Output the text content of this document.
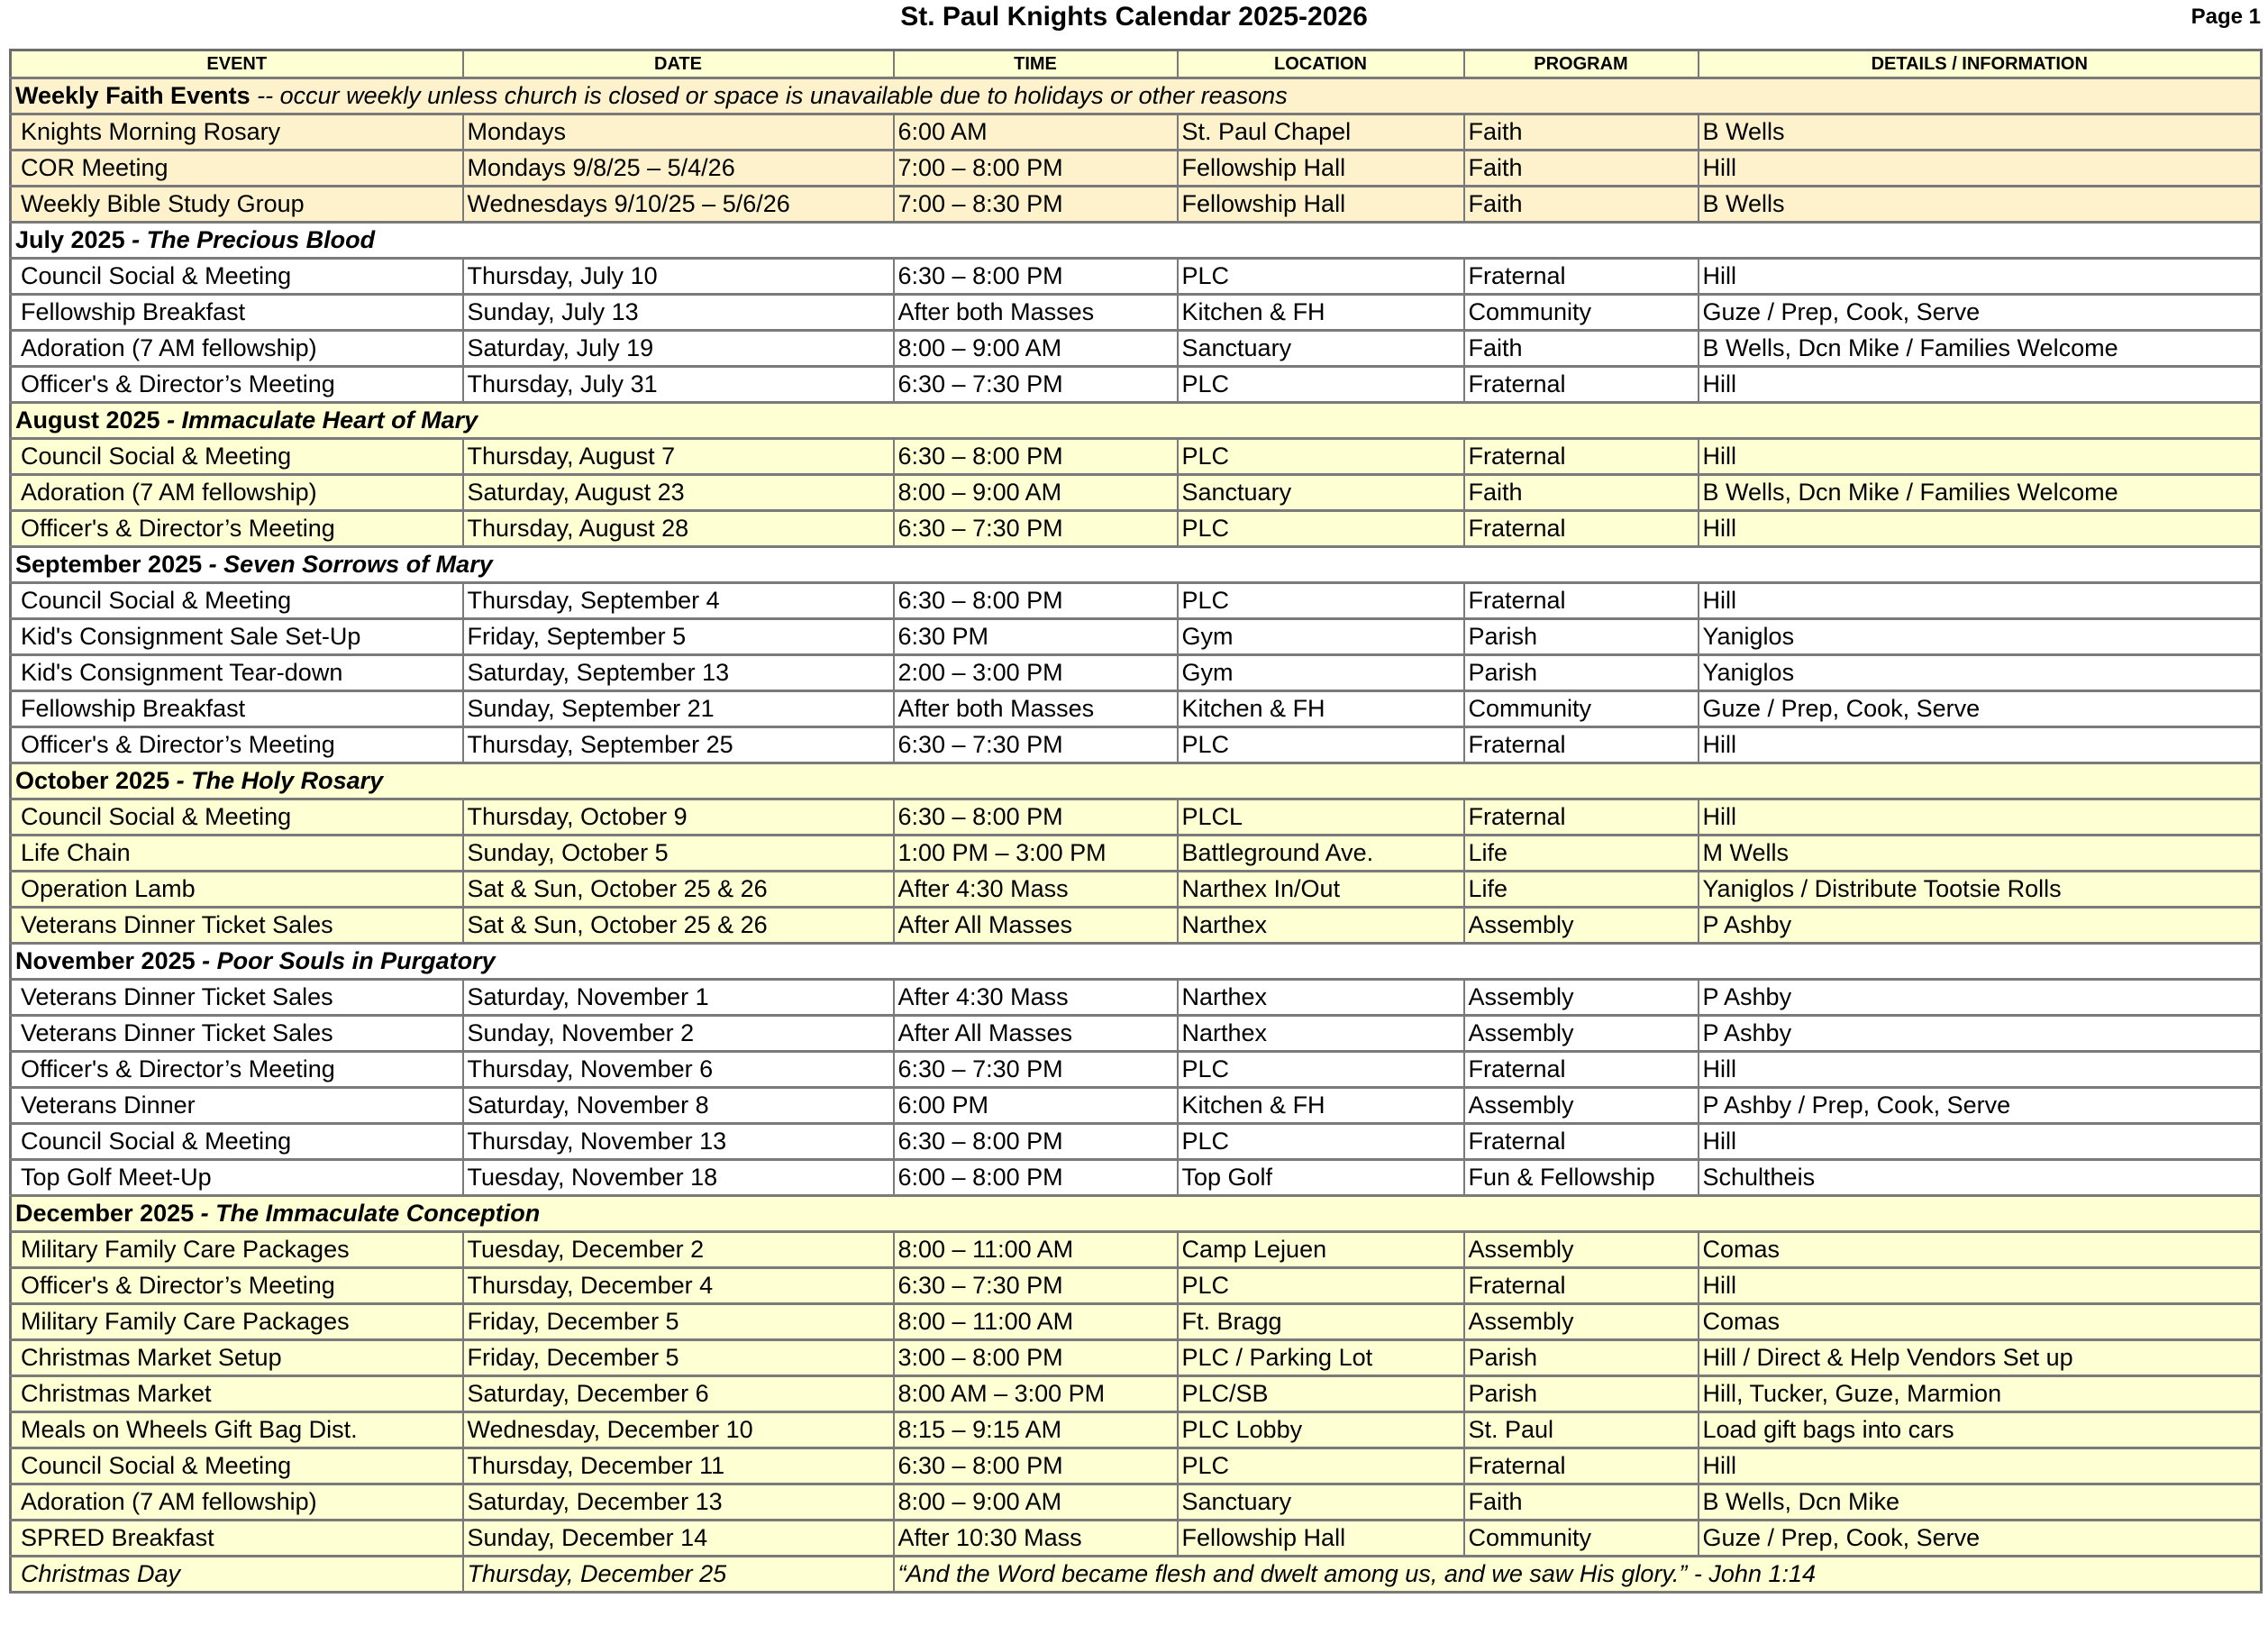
St. Paul Knights Calendar 2025-2026	Page 1
EVENT	DATE	TIME	LOCATION	PROGRAM	DETAILS / INFORMATION
Weekly Faith Events -- occur weekly unless church is closed or space is unavailable due to holidays or other reasons					
Knights Morning Rosary	Mondays	6:00 AM	St. Paul Chapel	Faith	B Wells
COR Meeting	Mondays 9/8/25 – 5/4/26	7:00 – 8:00 PM	Fellowship Hall	Faith	Hill
Weekly Bible Study Group	Wednesdays 9/10/25 – 5/6/26	7:00 – 8:30 PM	Fellowship Hall	Faith	B Wells
July 2025 - The Precious Blood					
Council Social & Meeting	Thursday, July 10	6:30 – 8:00 PM	PLC	Fraternal	Hill
Fellowship Breakfast	Sunday, July 13	After both Masses	Kitchen & FH	Community	Guze / Prep, Cook, Serve
Adoration (7 AM fellowship)	Saturday, July 19	8:00 – 9:00 AM	Sanctuary	Faith	B Wells, Dcn Mike / Families Welcome
Officer's & Director’s Meeting	Thursday, July 31	6:30 – 7:30 PM	PLC	Fraternal	Hill
August 2025 - Immaculate Heart of Mary					
Council Social & Meeting	Thursday, August 7	6:30 – 8:00 PM	PLC	Fraternal	Hill
Adoration (7 AM fellowship)	Saturday, August 23	8:00 – 9:00 AM	Sanctuary	Faith	B Wells, Dcn Mike / Families Welcome
Officer's & Director’s Meeting	Thursday, August 28	6:30 – 7:30 PM	PLC	Fraternal	Hill
September 2025 - Seven Sorrows of Mary					
Council Social & Meeting	Thursday, September 4	6:30 – 8:00 PM	PLC	Fraternal	Hill
Kid's Consignment Sale Set-Up	Friday, September 5	6:30 PM	Gym	Parish	Yaniglos
Kid's Consignment Tear-down	Saturday, September 13	2:00 – 3:00 PM	Gym	Parish	Yaniglos
Fellowship Breakfast	Sunday, September 21	After both Masses	Kitchen & FH	Community	Guze / Prep, Cook, Serve
Officer's & Director’s Meeting	Thursday, September 25	6:30 – 7:30 PM	PLC	Fraternal	Hill
October 2025 - The Holy Rosary					
Council Social & Meeting	Thursday, October 9	6:30 – 8:00 PM	PLCL	Fraternal	Hill
Life Chain	Sunday, October 5	1:00 PM – 3:00 PM	Battleground Ave.	Life	M Wells
Operation Lamb	Sat & Sun, October 25 & 26	After 4:30 Mass	Narthex In/Out	Life	Yaniglos / Distribute Tootsie Rolls
Veterans Dinner Ticket Sales	Sat & Sun, October 25 & 26	After All Masses	Narthex	Assembly	P Ashby
November 2025 - Poor Souls in Purgatory					
Veterans Dinner Ticket Sales	Saturday, November 1	After 4:30 Mass	Narthex	Assembly	P Ashby
Veterans Dinner Ticket Sales	Sunday, November 2	After All Masses	Narthex	Assembly	P Ashby
Officer's & Director’s Meeting	Thursday, November 6	6:30 – 7:30 PM	PLC	Fraternal	Hill
Veterans Dinner	Saturday, November 8	6:00 PM	Kitchen & FH	Assembly	P Ashby / Prep, Cook, Serve
Council Social & Meeting	Thursday, November 13	6:30 – 8:00 PM	PLC	Fraternal	Hill
Top Golf Meet-Up	Tuesday, November 18	6:00 – 8:00 PM	Top Golf	Fun & Fellowship	Schultheis
December 2025 - The Immaculate Conception					
Military Family Care Packages	Tuesday, December 2	8:00 – 11:00 AM	Camp Lejuen	Assembly	Comas
Officer's & Director’s Meeting	Thursday, December 4	6:30 – 7:30 PM	PLC	Fraternal	Hill
Military Family Care Packages	Friday, December 5	8:00 – 11:00 AM	Ft. Bragg	Assembly	Comas
Christmas Market Setup	Friday, December 5	3:00 – 8:00 PM	PLC / Parking Lot	Parish	Hill / Direct & Help Vendors Set up
Christmas Market	Saturday, December 6	8:00 AM – 3:00 PM	PLC/SB	Parish	Hill, Tucker, Guze, Marmion
Meals on Wheels Gift Bag Dist.	Wednesday, December 10	8:15 – 9:15 AM	PLC Lobby	St. Paul	Load gift bags into cars
Council Social & Meeting	Thursday, December 11	6:30 – 8:00 PM	PLC	Fraternal	Hill
Adoration (7 AM fellowship)	Saturday, December 13	8:00 – 9:00 AM	Sanctuary	Faith	B Wells, Dcn Mike
SPRED Breakfast	Sunday, December 14	After 10:30 Mass	Fellowship Hall	Community	Guze / Prep, Cook, Serve
Christmas Day	Thursday, December 25	“And the Word became flesh and dwelt among us, and we saw His glory.” - John 1:14			
